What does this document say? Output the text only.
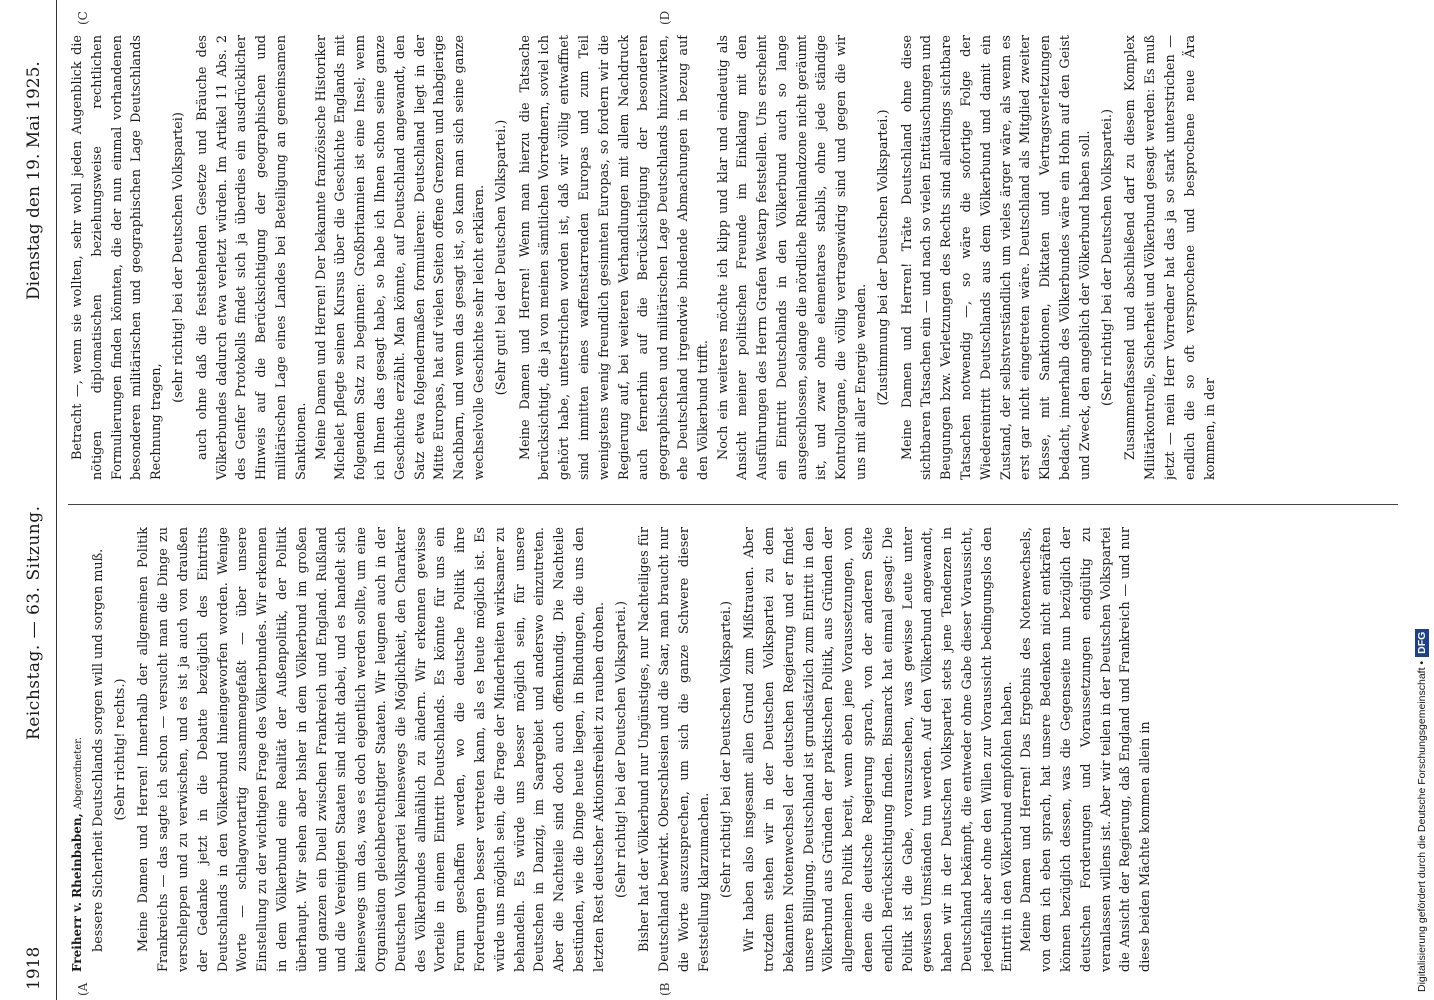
1918
Reichstag. — 63. Sitzung.
Dienstag den 19. Mai 1925.
(A	(B
(C	(D
Freiherr v. Rheinbaben, Abgeordneter. bessere Sicherheit Deutschlands sorgen will und sorgen muß. (Sehr richtig! rechts.) Meine Damen und Herren! Innerhalb der allgemeinen Politik Frankreichs — das sagte ich schon — versucht man die Dinge zu verschleppen und zu verwischen, und es ist ja auch von draußen der Gedanke jetzt in die Debatte bezüglich des Eintritts Deutschlands in den Völkerbund hineingeworfen worden. Wenige Worte — schlagwortartig zusammengefaßt — über unsere Einstellung zu der wichtigen Frage des Völkerbundes. Wir erkennen in dem Völkerbund eine Realität der Außenpolitik, der Politik überhaupt. Wir sehen aber bisher in dem Völkerbund im großen und ganzen ein Duell zwischen Frankreich und England. Rußland und die Vereinigten Staaten sind nicht dabei, und es handelt sich keineswegs um das, was es doch eigentlich werden sollte, um eine Organisation gleichberechtigter Staaten. Wir leugnen auch in der Deutschen Volkspartei keineswegs die Möglichkeit, den Charakter des Völkerbundes allmählich zu ändern. Wir erkennen gewisse Vorteile in einem Eintritt Deutschlands. Es könnte für uns ein Forum geschaffen werden, wo die deutsche Politik ihre Forderungen besser vertreten kann, als es heute möglich ist. Es würde uns möglich sein, die Frage der Minderheiten wirksamer zu behandeln. Es würde uns besser möglich sein, für unsere Deutschen in Danzig, im Saargebiet und anderswo einzutreten. Aber die Nachteile sind doch auch offenkundig. Die Nachteile bestünden, wie die Dinge heute liegen, in Bindungen, die uns den letzten Rest deutscher Aktionsfreiheit zu rauben drohen. (Sehr richtig! bei der Deutschen Volkspartei.) Bisher hat der Völkerbund nur Ungünstiges, nur Nachteiliges für Deutschland bewirkt. Oberschlesien und die Saar, man braucht nur die Worte auszusprechen, um sich die ganze Schwere dieser Feststellung klarzumachen. (Sehr richtig! bei der Deutschen Volkspartei.) Wir haben also insgesamt allen Grund zum Mißtrauen. Aber trotzdem stehen wir in der Deutschen Volkspartei zu dem bekannten Notenwechsel der deutschen Regierung und er findet unsere Billigung. Deutschland ist grundsätzlich zum Eintritt in den Völkerbund aus Gründen der praktischen Politik, aus Gründen der allgemeinen Politik bereit, wenn eben jene Voraussetzungen, von denen die deutsche Regierung sprach, von der anderen Seite endlich Berücksichtigung finden. Bismarck hat einmal gesagt: Die Politik ist die Gabe, vorauszusehen, was gewisse Leute unter gewissen Umständen tun werden. Auf den Völkerbund angewandt, haben wir in der Deutschen Volkspartei stets jene Tendenzen in Deutschland bekämpft, die entweder ohne Gabe dieser Voraussicht, jedenfalls aber ohne den Willen zur Voraussicht bedingungslos den Eintritt in den Völkerbund empfohlen haben. Meine Damen und Herren! Das Ergebnis des Notenwechsels, von dem ich eben sprach, hat unsere Bedenken nicht entkräften können bezüglich dessen, was die Gegenseite nun bezüglich der deutschen Forderungen und Voraussetzungen endgültig zu veranlassen willens ist. Aber wir teilen in der Deutschen Volkspartei die Ansicht der Regierung, daß England und Frankreich — und nur diese beiden Mächte kommen allein in

Betracht —, wenn sie wollten, sehr wohl jeden Augenblick die nötigen diplomatischen beziehungsweise rechtlichen Formulierungen finden könnten, die der nun einmal vorhandenen besonderen militärischen und geographischen Lage Deutschlands Rechnung tragen,

(sehr richtig! bei der Deutschen Volkspartei) auch ohne daß die feststehenden Gesetze und Bräuche des Völkerbundes dadurch etwa verletzt würden. Im Artikel 11 Abs. 2 des Genfer Protokolls findet sich ja überdies ein ausdrücklicher Hinweis auf die Berücksichtigung der geographischen und militärischen Lage eines Landes bei Beteiligung an gemeinsamen Sanktionen. Meine Damen und Herren! Der bekannte französische Historiker Michelet pflegte seinen Kursus über die Geschichte Englands mit folgendem Satz zu beginnen: Großbritannien ist eine Insel; wenn ich Ihnen das gesagt habe, so habe ich Ihnen schon seine ganze Geschichte erzählt. Man könnte, auf Deutschland angewandt, den Satz etwa folgendermaßen formulieren: Deutschland liegt in der Mitte Europas, hat auf vielen Seiten offene Grenzen und habgierige Nachbarn, und wenn das gesagt ist, so kann man sich seine ganze wechselvolle Geschichte sehr leicht erklären. (Sehr gut! bei der Deutschen Volkspartei.) Meine Damen und Herren! Wenn man hierzu die Tatsache berücksichtigt, die ja von meinen sämtlichen Vorrednern, soviel ich gehört habe, unterstrichen worden ist, daß wir völlig entwaffnet sind inmitten eines waffenstarrenden Europas und zum Teil wenigstens wenig freundlich gesinnten Europas, so fordern wir die Regierung auf, bei weiteren Verhandlungen mit allem Nachdruck auch fernerhin auf die Berücksichtigung der besonderen geographischen und militärischen Lage Deutschlands hinzuwirken, ehe Deutschland irgendwie bindende Abmachungen in bezug auf den Völkerbund trifft. Noch ein weiteres möchte ich klipp und klar und eindeutig als Ansicht meiner politischen Freunde im Einklang mit den Ausführungen des Herrn Grafen Westarp feststellen. Uns erscheint ein Eintritt Deutschlands in den Völkerbund auch so lange ausgeschlossen, solange die nördliche Rheinlandzone nicht geräumt ist, und zwar ohne elementares stabils, ohne jede ständige Kontrollorgane, die völlig vertragswidrig sind und gegen die wir uns mit aller Energie wenden. (Zustimmung bei der Deutschen Volkspartei.) Meine Damen und Herren! Träte Deutschland ohne diese sichtbaren Tatsachen ein — und nach so vielen Enttäuschungen und Beugungen bzw. Verletzungen des Rechts sind allerdings sichtbare Tatsachen notwendig —, so wäre die sofortige Folge der Wiedereintritt Deutschlands aus dem Völkerbund und damit ein Zustand, der selbstverständlich um vieles ärger wäre, als wenn es erst gar nicht eingetreten wäre. Deutschland als Mitglied zweiter Klasse, mit Sanktionen, Diktaten und Vertragsverletzungen bedacht, innerhalb des Völkerbundes wäre ein Hohn auf den Geist und Zweck, den angeblich der Völkerbund haben soll. (Sehr richtig! bei der Deutschen Volkspartei.) Zusammenfassend und abschließend darf zu diesem Komplex Militärkontrolle, Sicherheit und Völkerbund gesagt werden: Es muß jetzt — mein Herr Vorredner hat das ja so stark unterstrichen — endlich die so oft versprochene und besprochene neue Ära kommen, in der

Digitalisierung gefördert durch die Deutsche Forschungsgemeinschaft •DFG
